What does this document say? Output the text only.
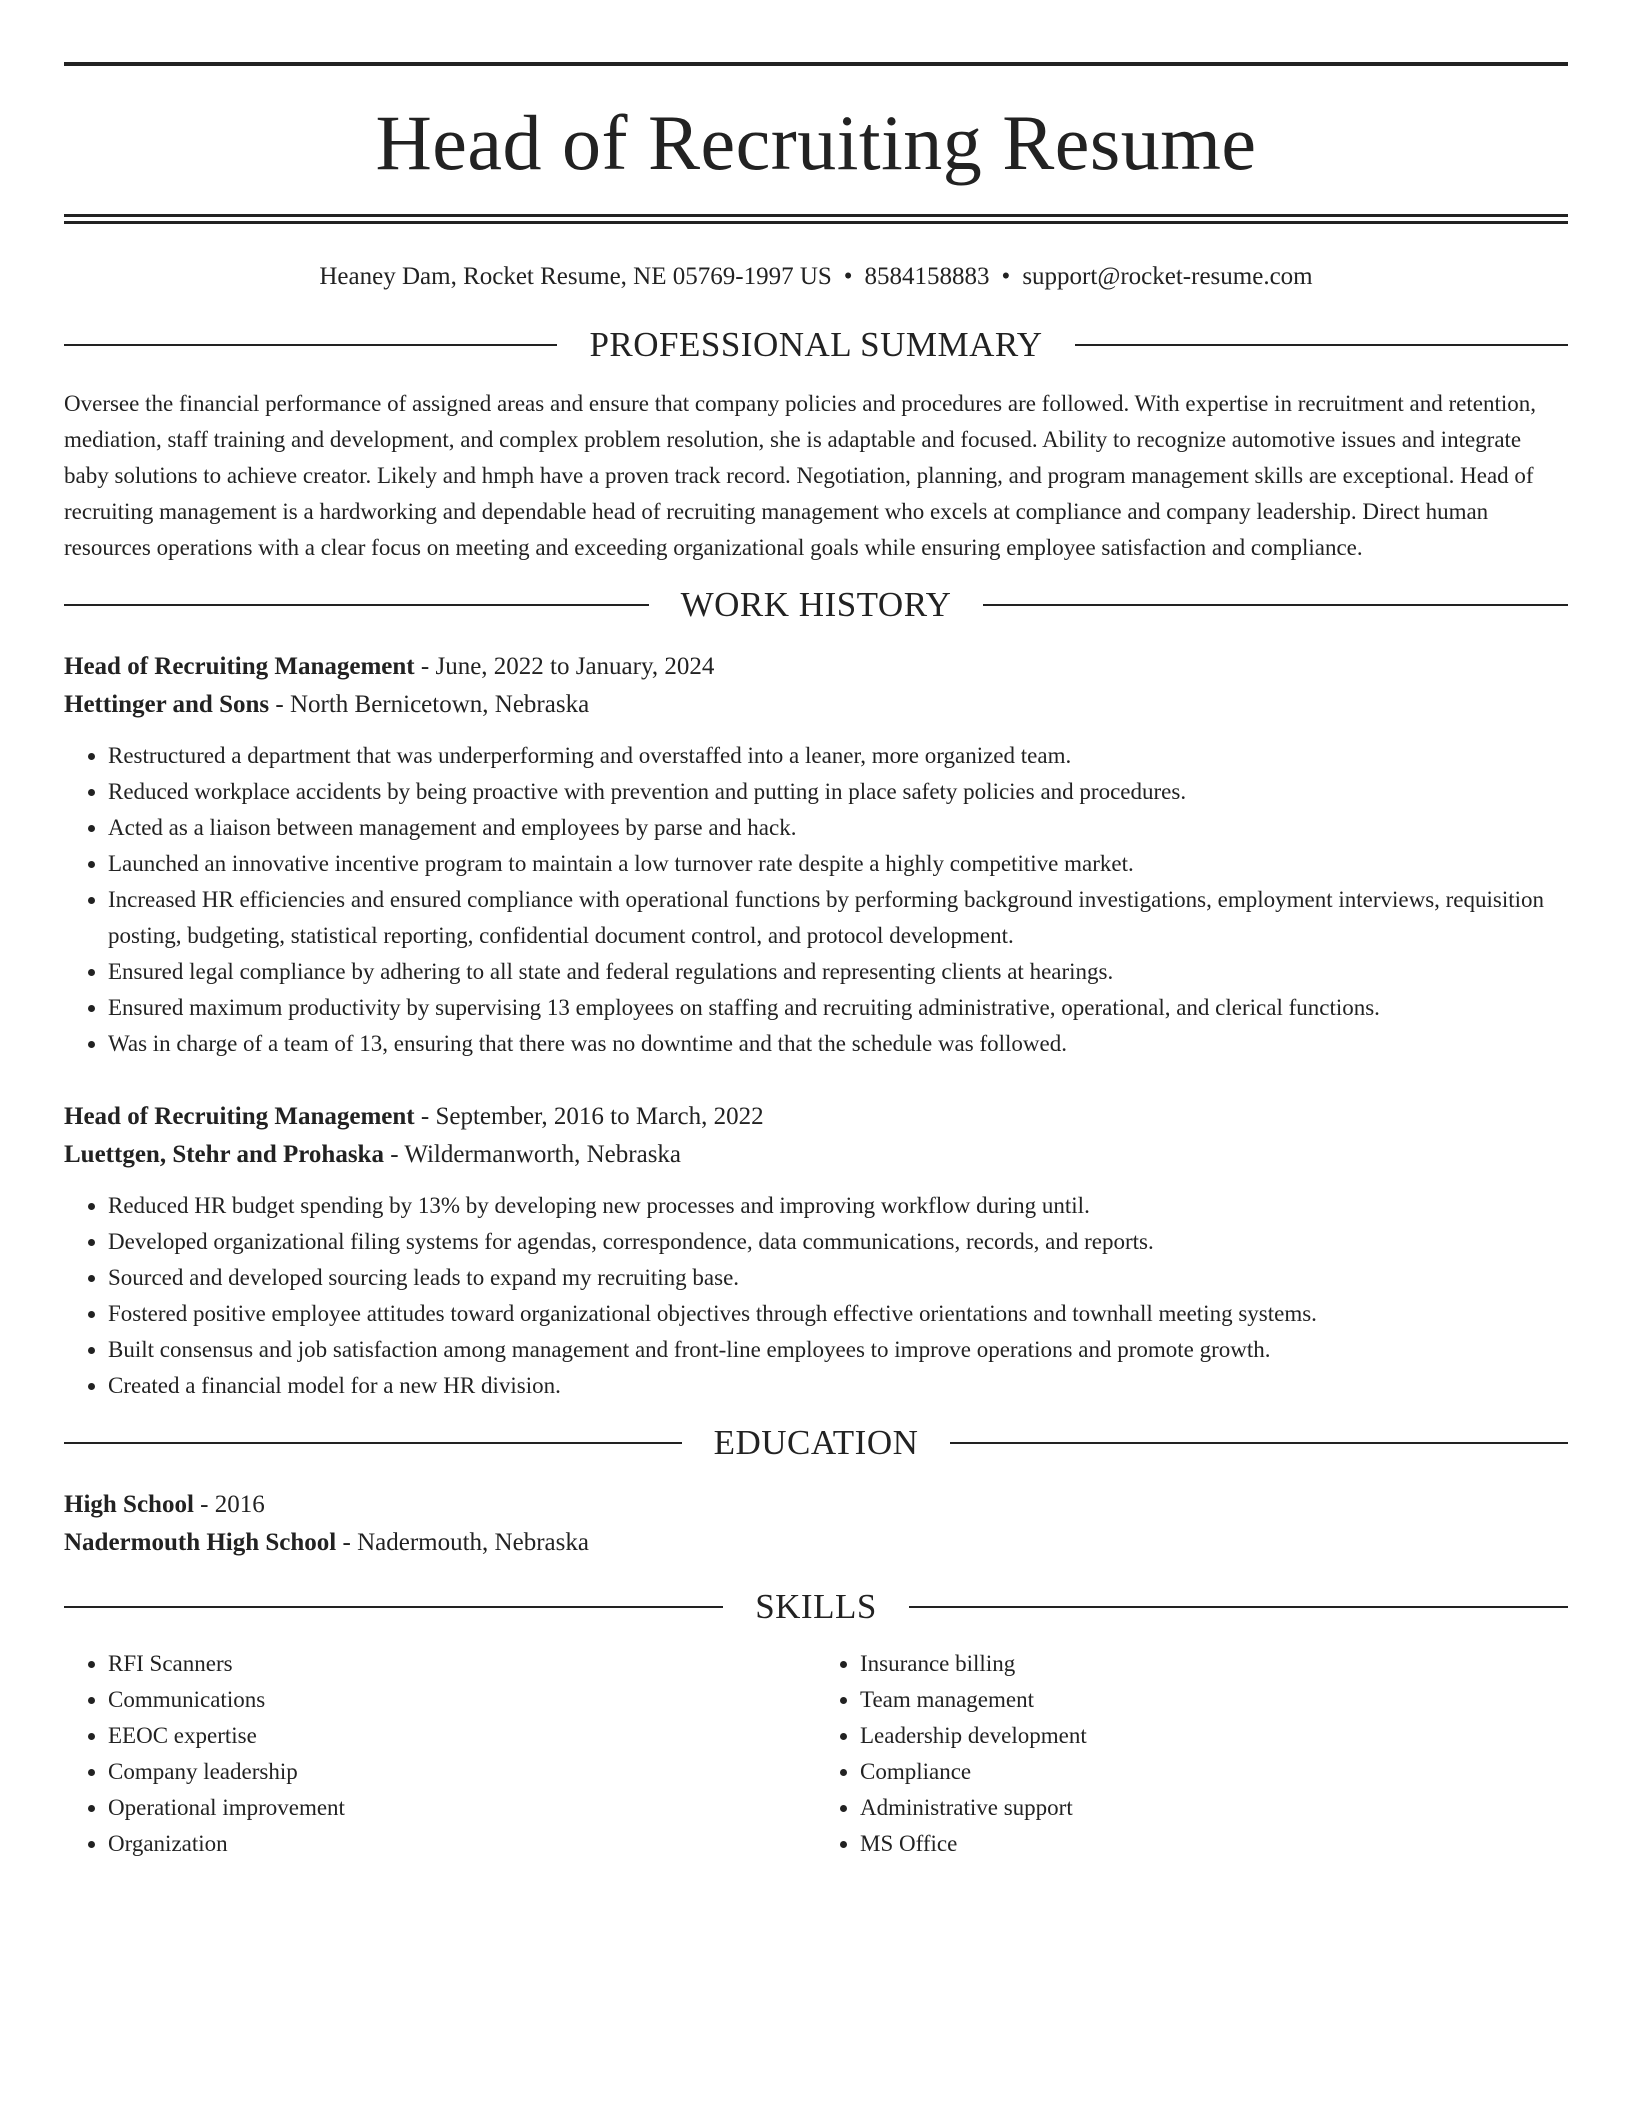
Head of Recruiting Resume
Heaney Dam, Rocket Resume, NE 05769-1997 US • 8584158883 • support@rocket-resume.com
PROFESSIONAL SUMMARY

Oversee the financial performance of assigned areas and ensure that company policies and procedures are followed. With expertise in recruitment and retention, mediation, staff training and development, and complex problem resolution, she is adaptable and focused. Ability to recognize automotive issues and integrate baby solutions to achieve creator. Likely and hmph have a proven track record. Negotiation, planning, and program management skills are exceptional. Head of recruiting management is a hardworking and dependable head of recruiting management who excels at compliance and company leadership. Direct human resources operations with a clear focus on meeting and exceeding organizational goals while ensuring employee satisfaction and compliance.

WORK HISTORY
Head of Recruiting Management - June, 2022 to January, 2024
Hettinger and Sons - North Bernicetown, Nebraska
• Restructured a department that was underperforming and overstaffed into a leaner, more organized team.
• Reduced workplace accidents by being proactive with prevention and putting in place safety policies and procedures.
• Acted as a liaison between management and employees by parse and hack.
• Launched an innovative incentive program to maintain a low turnover rate despite a highly competitive market.
• Increased HR efficiencies and ensured compliance with operational functions by performing background investigations, employment interviews, requisition posting, budgeting, statistical reporting, confidential document control, and protocol development.
• Ensured legal compliance by adhering to all state and federal regulations and representing clients at hearings.
• Ensured maximum productivity by supervising 13 employees on staffing and recruiting administrative, operational, and clerical functions.
• Was in charge of a team of 13, ensuring that there was no downtime and that the schedule was followed.
Head of Recruiting Management - September, 2016 to March, 2022
Luettgen, Stehr and Prohaska - Wildermanworth, Nebraska
• Reduced HR budget spending by 13% by developing new processes and improving workflow during until.
• Developed organizational filing systems for agendas, correspondence, data communications, records, and reports.
• Sourced and developed sourcing leads to expand my recruiting base.
• Fostered positive employee attitudes toward organizational objectives through effective orientations and townhall meeting systems.
• Built consensus and job satisfaction among management and front-line employees to improve operations and promote growth.
• Created a financial model for a new HR division.
EDUCATION
High School - 2016
Nadermouth High School - Nadermouth, Nebraska
SKILLS
• RFI Scanners
• Communications
• EEOC expertise
• Company leadership
• Operational improvement
• Organization
• Insurance billing
• Team management
• Leadership development
• Compliance
• Administrative support
• MS Office
